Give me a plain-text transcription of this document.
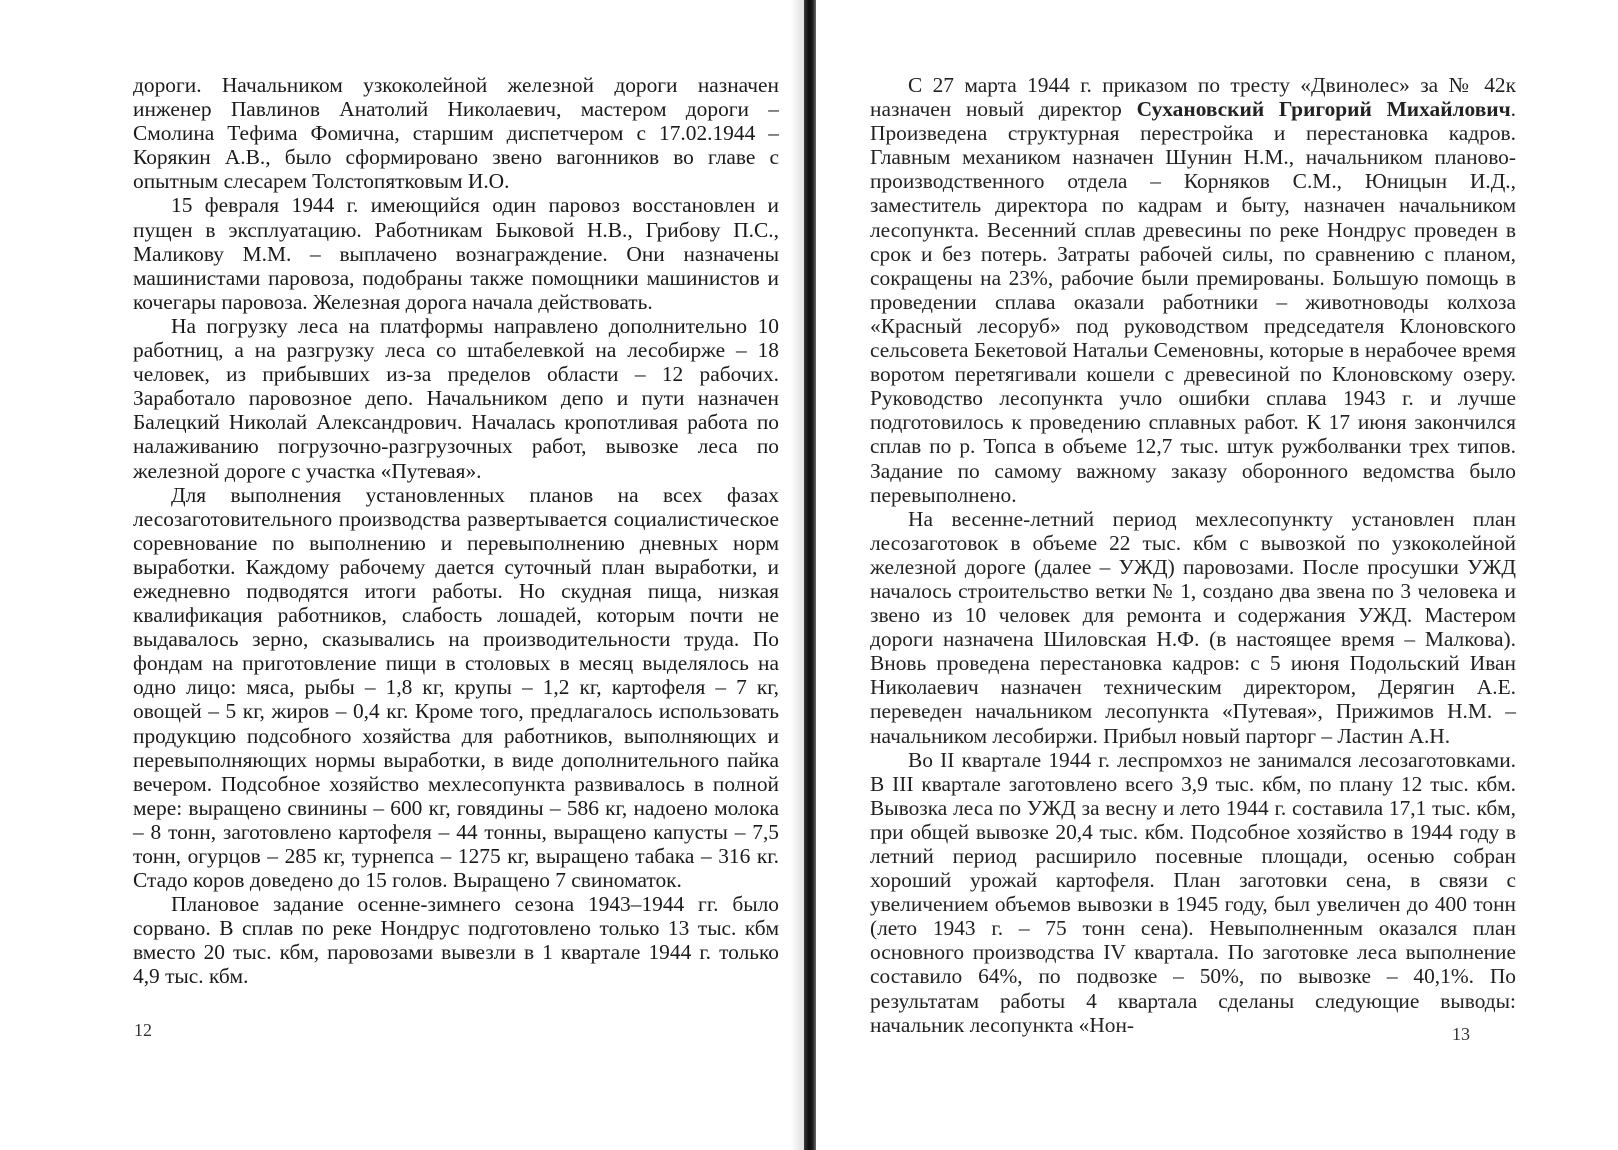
дороги. Начальником узкоколейной железной дороги назначен инженер Павлинов Анатолий Николаевич, мастером дороги – Смолина Тефима Фомична, старшим диспетчером с 17.02.1944 – Корякин А.В., было сформировано звено вагонников во главе с опытным слесарем Толстопятковым И.О.

15 февраля 1944 г. имеющийся один паровоз восстановлен и пущен в эксплуатацию. Работникам Быковой Н.В., Грибову П.С., Маликову М.М. – выплачено вознаграждение. Они назначены машинистами паровоза, подобраны также помощники машинистов и кочегары паровоза. Железная дорога начала действовать.

На погрузку леса на платформы направлено дополнительно 10 работниц, а на разгрузку леса со штабелевкой на лесобирже – 18 человек, из прибывших из-за пределов области – 12 рабочих. Заработало паровозное депо. Начальником депо и пути назначен Балецкий Николай Александрович. Началась кропотливая работа по налаживанию погрузочно-разгрузочных работ, вывозке леса по железной дороге с участка «Путевая».

Для выполнения установленных планов на всех фазах лесозаготовительного производства развертывается социалистическое соревнование по выполнению и перевыполнению дневных норм выработки. Каждому рабочему дается суточный план выработки, и ежедневно подводятся итоги работы. Но скудная пища, низкая квалификация работников, слабость лошадей, которым почти не выдавалось зерно, сказывались на производительности труда. По фондам на приготовление пищи в столовых в месяц выделялось на одно лицо: мяса, рыбы – 1,8 кг, крупы – 1,2 кг, картофеля – 7 кг, овощей – 5 кг, жиров – 0,4 кг. Кроме того, предлагалось использовать продукцию подсобного хозяйства для работников, выполняющих и перевыполняющих нормы выработки, в виде дополнительного пайка вечером. Подсобное хозяйство мехлесопункта развивалось в полной мере: выращено свинины – 600 кг, говядины – 586 кг, надоено молока – 8 тонн, заготовлено картофеля – 44 тонны, выращено капусты – 7,5 тонн, огурцов – 285 кг, турнепса – 1275 кг, выращено табака – 316 кг. Стадо коров доведено до 15 голов. Выращено 7 свиноматок.

Плановое задание осенне-зимнего сезона 1943–1944 гг. было сорвано. В сплав по реке Нондрус подготовлено только 13 тыс. кбм вместо 20 тыс. кбм, паровозами вывезли в 1 квартале 1944 г. только 4,9 тыс. кбм.

12

С 27 марта 1944 г. приказом по тресту «Двинолес» за № 42к назначен новый директор Сухановский Григорий Михайлович. Произведена структурная перестройка и перестановка кадров. Главным механиком назначен Шунин Н.М., начальником планово-производственного отдела – Корняков С.М., Юницын И.Д., заместитель директора по кадрам и быту, назначен начальником лесопункта. Весенний сплав древесины по реке Нондрус проведен в срок и без потерь. Затраты рабочей силы, по сравнению с планом, сокращены на 23%, рабочие были премированы. Большую помощь в проведении сплава оказали работники – животноводы колхоза «Красный лесоруб» под руководством председателя Клоновского сельсовета Бекетовой Натальи Семеновны, которые в нерабочее время воротом перетягивали кошели с древесиной по Клоновскому озеру. Руководство лесопункта учло ошибки сплава 1943 г. и лучше подготовилось к проведению сплавных работ. К 17 июня закончился сплав по р. Топса в объеме 12,7 тыс. штук ружболванки трех типов. Задание по самому важному заказу оборонного ведомства было перевыполнено.

На весенне-летний период мехлесопункту установлен план лесозаготовок в объеме 22 тыс. кбм с вывозкой по узкоколейной железной дороге (далее – УЖД) паровозами. После просушки УЖД началось строительство ветки № 1, создано два звена по 3 человека и звено из 10 человек для ремонта и содержания УЖД. Мастером дороги назначена Шиловская Н.Ф. (в настоящее время – Малкова). Вновь проведена перестановка кадров: с 5 июня Подольский Иван Николаевич назначен техническим директором, Дерягин А.Е. переведен начальником лесопункта «Путевая», Прижимов Н.М. – начальником лесобиржи. Прибыл новый парторг – Ластин А.Н.

Во II квартале 1944 г. леспромхоз не занимался лесозаготовками. В III квартале заготовлено всего 3,9 тыс. кбм, по плану 12 тыс. кбм. Вывозка леса по УЖД за весну и лето 1944 г. составила 17,1 тыс. кбм, при общей вывозке 20,4 тыс. кбм. Подсобное хозяйство в 1944 году в летний период расширило посевные площади, осенью собран хороший урожай картофеля. План заготовки сена, в связи с увеличением объемов вывозки в 1945 году, был увеличен до 400 тонн (лето 1943 г. – 75 тонн сена). Невыполненным оказался план основного производства IV квартала. По заготовке леса выполнение составило 64%, по подвозке – 50%, по вывозке – 40,1%. По результатам работы 4 квартала сделаны следующие выводы: начальник лесопункта «Нон-	13
